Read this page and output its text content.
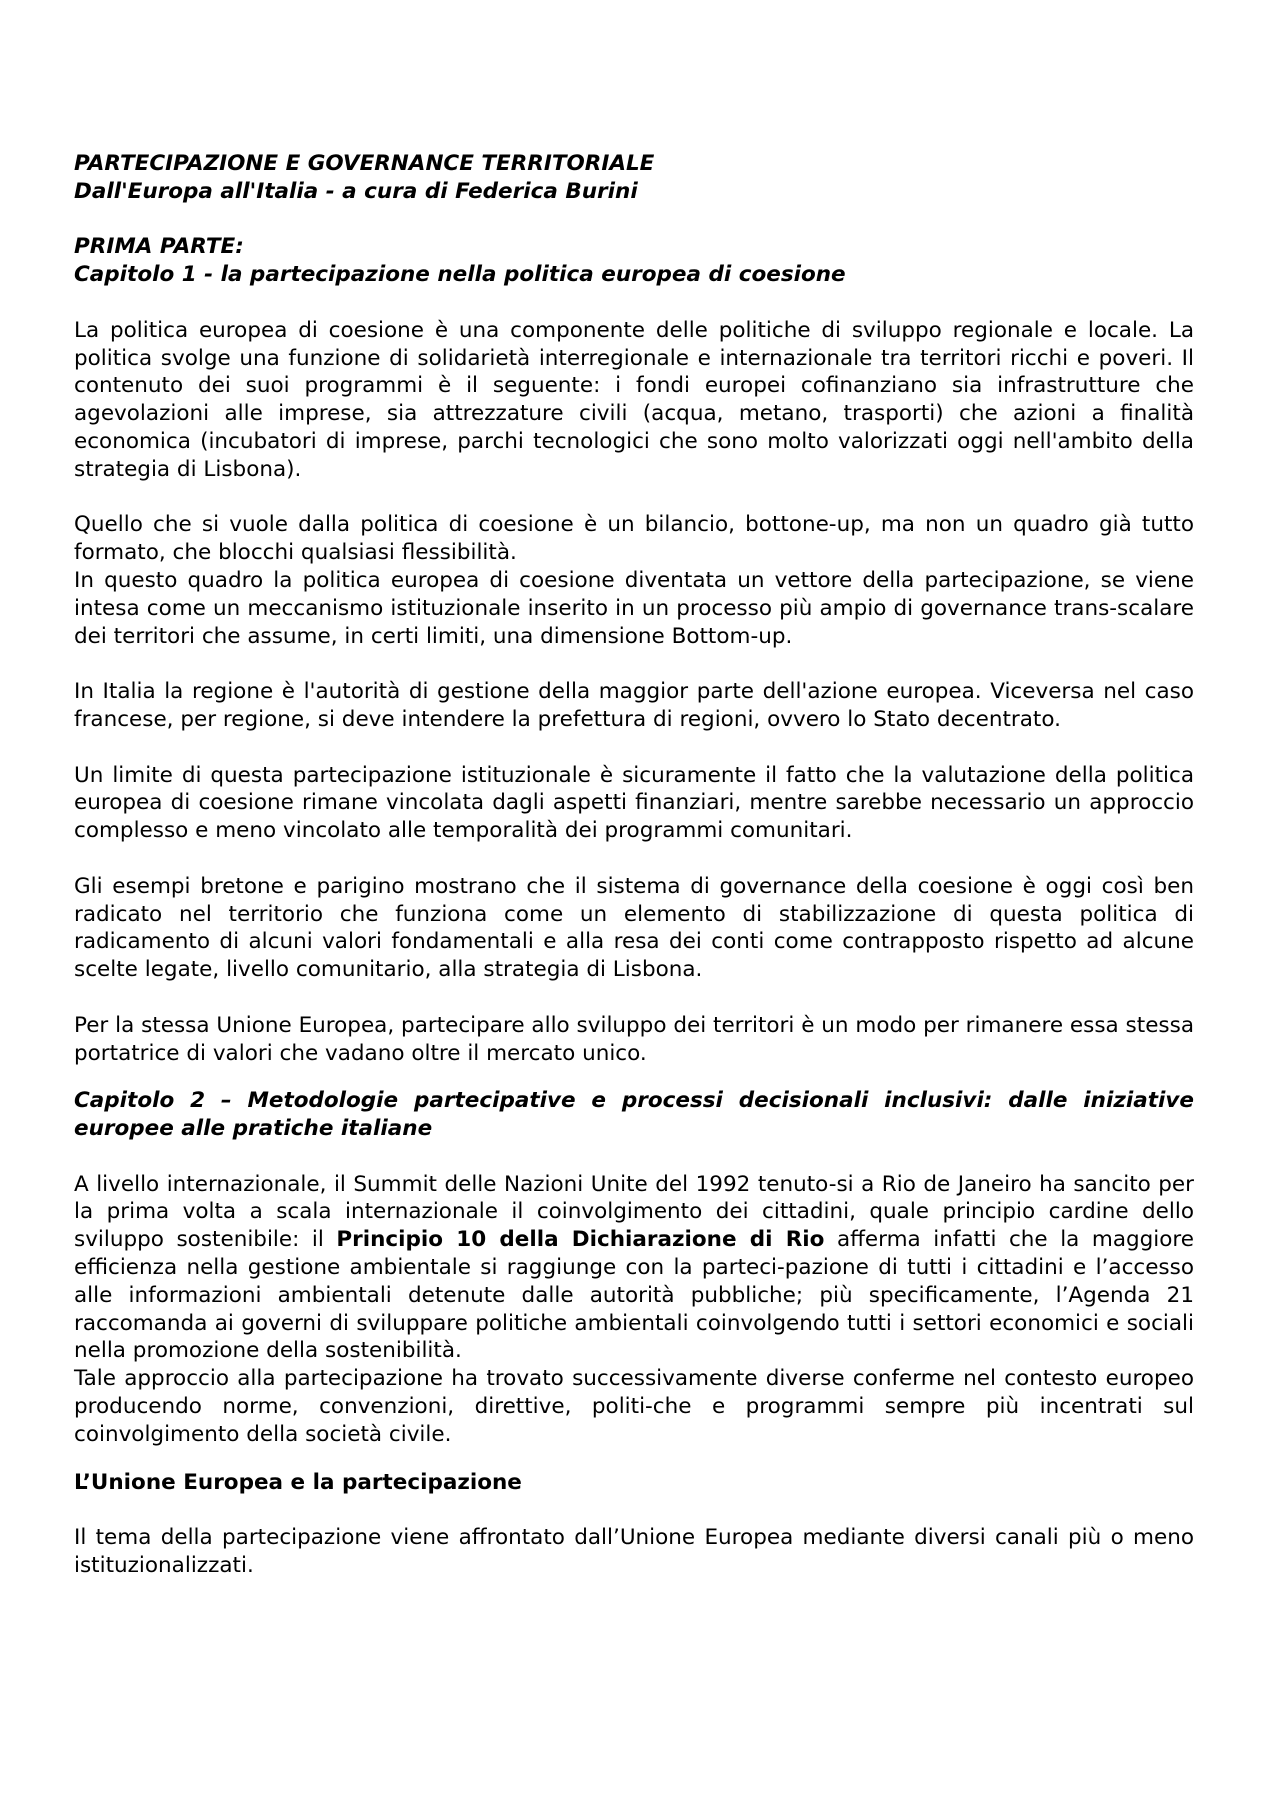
PARTECIPAZIONE E GOVERNANCE TERRITORIALE

Dall'Europa all'Italia - a cura di Federica Burini

PRIMA PARTE:

Capitolo 1 - la partecipazione nella politica europea di coesione

La politica europea di coesione è una componente delle politiche di sviluppo regionale e locale. La politica svolge una funzione di solidarietà interregionale e internazionale tra territori ricchi e poveri. Il contenuto dei suoi programmi è il seguente: i fondi europei cofinanziano sia infrastrutture che agevolazioni alle imprese, sia attrezzature civili (acqua, metano, trasporti) che azioni a finalità economica (incubatori di imprese, parchi tecnologici che sono molto valorizzati oggi nell'ambito della strategia di Lisbona).

Quello che si vuole dalla politica di coesione è un bilancio, bottone-up, ma non un quadro già tutto formato, che blocchi qualsiasi flessibilità.

In questo quadro la politica europea di coesione diventata un vettore della partecipazione, se viene intesa come un meccanismo istituzionale inserito in un processo più ampio di governance trans-scalare dei territori che assume, in certi limiti, una dimensione Bottom-up.

In Italia la regione è l'autorità di gestione della maggior parte dell'azione europea. Viceversa nel caso francese, per regione, si deve intendere la prefettura di regioni, ovvero lo Stato decentrato.

Un limite di questa partecipazione istituzionale è sicuramente il fatto che la valutazione della politica europea di coesione rimane vincolata dagli aspetti finanziari, mentre sarebbe necessario un approccio complesso e meno vincolato alle temporalità dei programmi comunitari.

Gli esempi bretone e parigino mostrano che il sistema di governance della coesione è oggi così ben radicato nel territorio che funziona come un elemento di stabilizzazione di questa politica di radicamento di alcuni valori fondamentali e alla resa dei conti come contrapposto rispetto ad alcune scelte legate, livello comunitario, alla strategia di Lisbona.

Per la stessa Unione Europea, partecipare allo sviluppo dei territori è un modo per rimanere essa stessa portatrice di valori che vadano oltre il mercato unico.

Capitolo 2 – Metodologie partecipative e processi decisionali inclusivi: dalle iniziative europee alle pratiche italiane

A livello internazionale, il Summit delle Nazioni Unite del 1992 tenuto-si a Rio de Janeiro ha sancito per la prima volta a scala internazionale il coinvolgimento dei cittadini, quale principio cardine dello sviluppo sostenibile: il Principio 10 della Dichiarazione di Rio afferma infatti che la maggiore efficienza nella gestione ambientale si raggiunge con la parteci-pazione di tutti i cittadini e l’accesso alle informazioni ambientali detenute dalle autorità pubbliche; più specificamente, l’Agenda 21 raccomanda ai governi di sviluppare politiche ambientali coinvolgendo tutti i settori economici e sociali nella promozione della sostenibilità.

Tale approccio alla partecipazione ha trovato successivamente diverse conferme nel contesto europeo producendo norme, convenzioni, direttive, politi-che e programmi sempre più incentrati sul coinvolgimento della società civile.

L’Unione Europea e la partecipazione

Il tema della partecipazione viene affrontato dall’Unione Europea mediante diversi canali più o meno istituzionalizzati.
